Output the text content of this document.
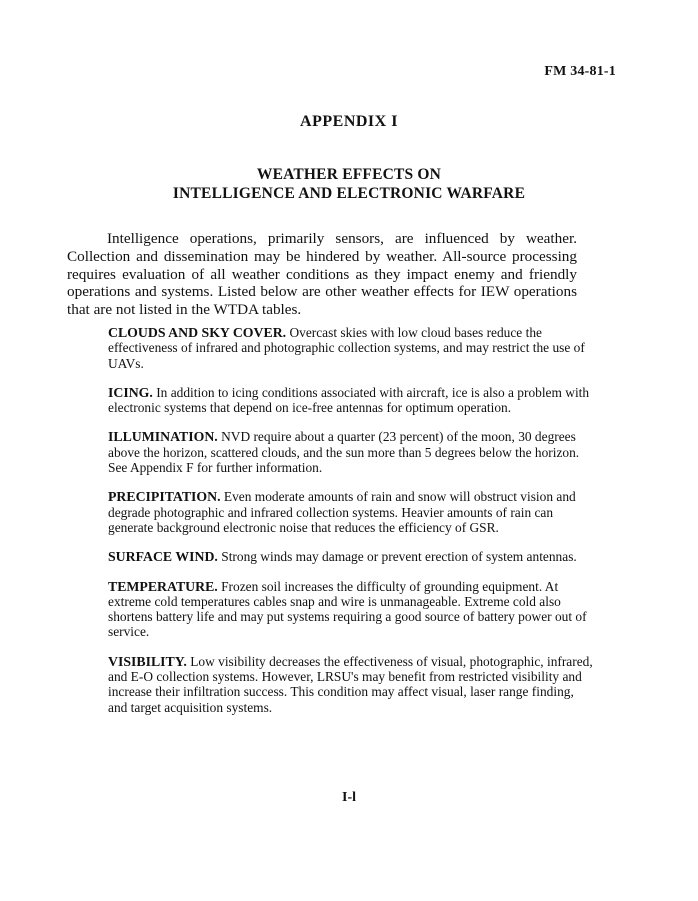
FM 34-81-1
APPENDIX I
WEATHER EFFECTS ON
INTELLIGENCE AND ELECTRONIC WARFARE

Intelligence operations, primarily sensors, are influenced by weather. Collection and dissemination may be hindered by weather. All-source processing requires evaluation of all weather conditions as they impact enemy and friendly operations and systems. Listed below are other weather effects for IEW operations that are not listed in the WTDA tables.

CLOUDS AND SKY COVER. Overcast skies with low cloud bases reduce the effectiveness of infrared and photographic collection systems, and may restrict the use of UAVs.

ICING. In addition to icing conditions associated with aircraft, ice is also a problem with electronic systems that depend on ice-free antennas for optimum operation.

ILLUMINATION. NVD require about a quarter (23 percent) of the moon, 30 degrees above the horizon, scattered clouds, and the sun more than 5 degrees below the horizon. See Appendix F for further information.

PRECIPITATION. Even moderate amounts of rain and snow will obstruct vision and degrade photographic and infrared collection systems. Heavier amounts of rain can generate background electronic noise that reduces the efficiency of GSR.

SURFACE WIND. Strong winds may damage or prevent erection of system antennas.

TEMPERATURE. Frozen soil increases the difficulty of grounding equipment. At extreme cold temperatures cables snap and wire is unmanageable. Extreme cold also shortens battery life and may put systems requiring a good source of battery power out of service.

VISIBILITY. Low visibility decreases the effectiveness of visual, photographic, infrared, and E-O collection systems. However, LRSU's may benefit from restricted visibility and increase their infiltration success. This condition may affect visual, laser range finding, and target acquisition systems.

I-l
